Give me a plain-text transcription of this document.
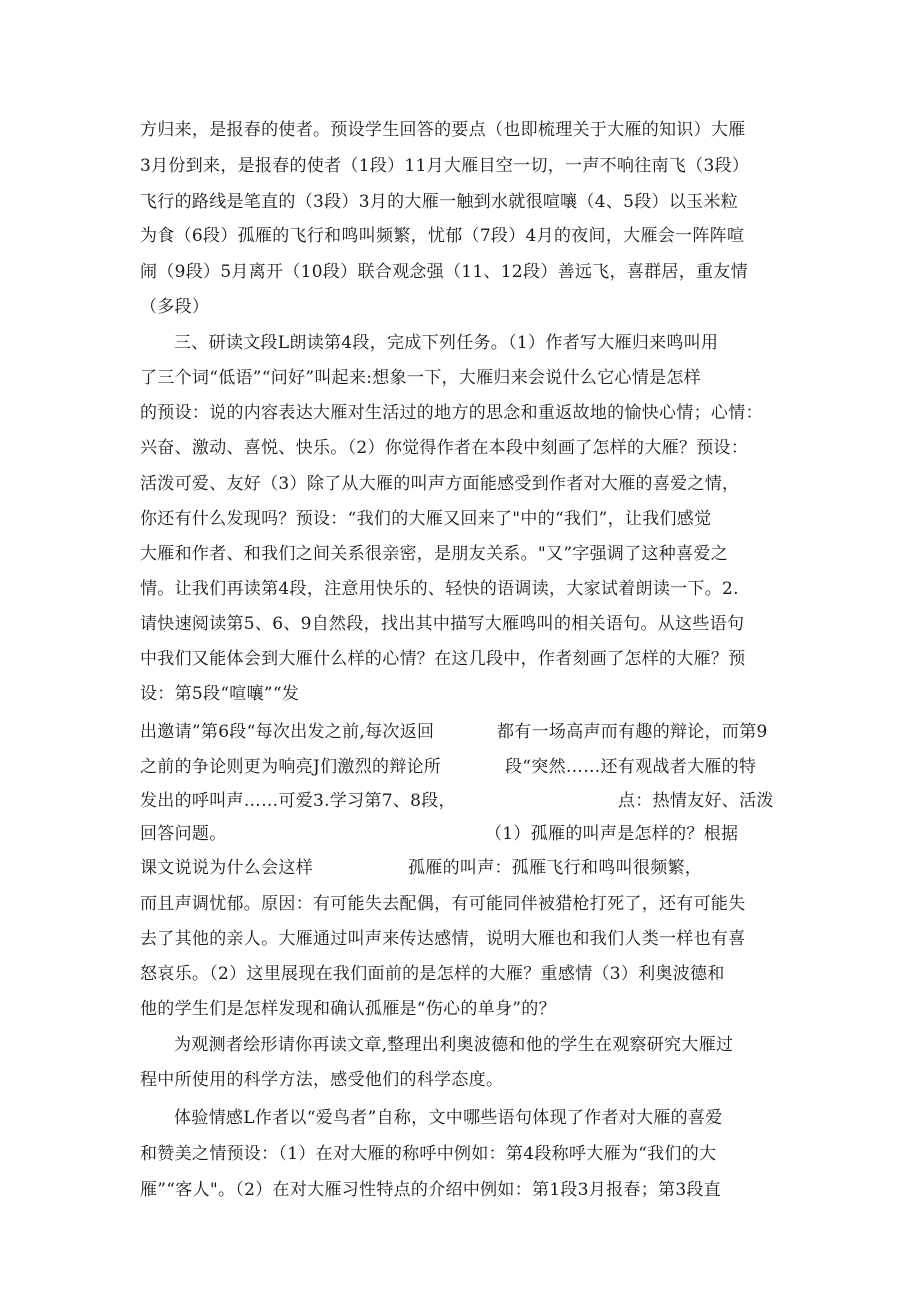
方归来，是报春的使者。预设学生回答的要点（也即梳理关于大雁的知识）大雁
3月份到来，是报春的使者（1段）11月大雁目空一切，一声不响往南飞（3段）
飞行的路线是笔直的（3段）3月的大雁一触到水就很喧嚷（4、5段）以玉米粒
为食（6段）孤雁的飞行和鸣叫频繁，忧郁（7段）4月的夜间，大雁会一阵阵喧
闹（9段）5月离开（10段）联合观念强（11、12段）善远飞，喜群居，重友情
（多段）
三、研读文段L朗读第4段，完成下列任务。（1）作者写大雁归来鸣叫用
了三个词“低语”“问好”叫起来:想象一下，大雁归来会说什么它心情是怎样
的预设：说的内容表达大雁对生活过的地方的思念和重返故地的愉快心情；心情：
兴奋、激动、喜悦、快乐。（2）你觉得作者在本段中刻画了怎样的大雁？预设：
活泼可爱、友好（3）除了从大雁的叫声方面能感受到作者对大雁的喜爱之情，
你还有什么发现吗？预设：“我们的大雁又回来了"中的“我们”，让我们感觉
大雁和作者、和我们之间关系很亲密，是朋友关系。"又”字强调了这种喜爱之
情。让我们再读第4段，注意用快乐的、轻快的语调读，大家试着朗读一下。2.
请快速阅读第5、6、9自然段，找出其中描写大雁鸣叫的相关语句。从这些语句
中我们又能体会到大雁什么样的心情？在这几段中，作者刻画了怎样的大雁？预
设：第5段“喧嚷”“发
出邀请”第6段“每次出发之前,每次返回	都有一场高声而有趣的辩论，而第9
之前的争论则更为响亮J们激烈的辩论所	段“突然……还有观战者大雁的特
发出的呼叫声……可爱3.学习第7、8段，	点：热情友好、活泼
回答问题。	（1）孤雁的叫声是怎样的？根据
课文说说为什么会这样	孤雁的叫声：孤雁飞行和鸣叫很频繁，
而且声调忧郁。原因：有可能失去配偶，有可能同伴被猎枪打死了，还有可能失
去了其他的亲人。大雁通过叫声来传达感情，说明大雁也和我们人类一样也有喜
怒哀乐。（2）这里展现在我们面前的是怎样的大雁？重感情（3）利奥波德和
他的学生们是怎样发现和确认孤雁是“伤心的单身”的？
为观测者绘形请你再读文章,整理出利奥波德和他的学生在观察研究大雁过
程中所使用的科学方法，感受他们的科学态度。
体验情感L作者以“爱鸟者”自称，文中哪些语句体现了作者对大雁的喜爱
和赞美之情预设：（1）在对大雁的称呼中例如：第4段称呼大雁为“我们的大
雁”“客人"。（2）在对大雁习性特点的介绍中例如：第1段3月报春；第3段直
